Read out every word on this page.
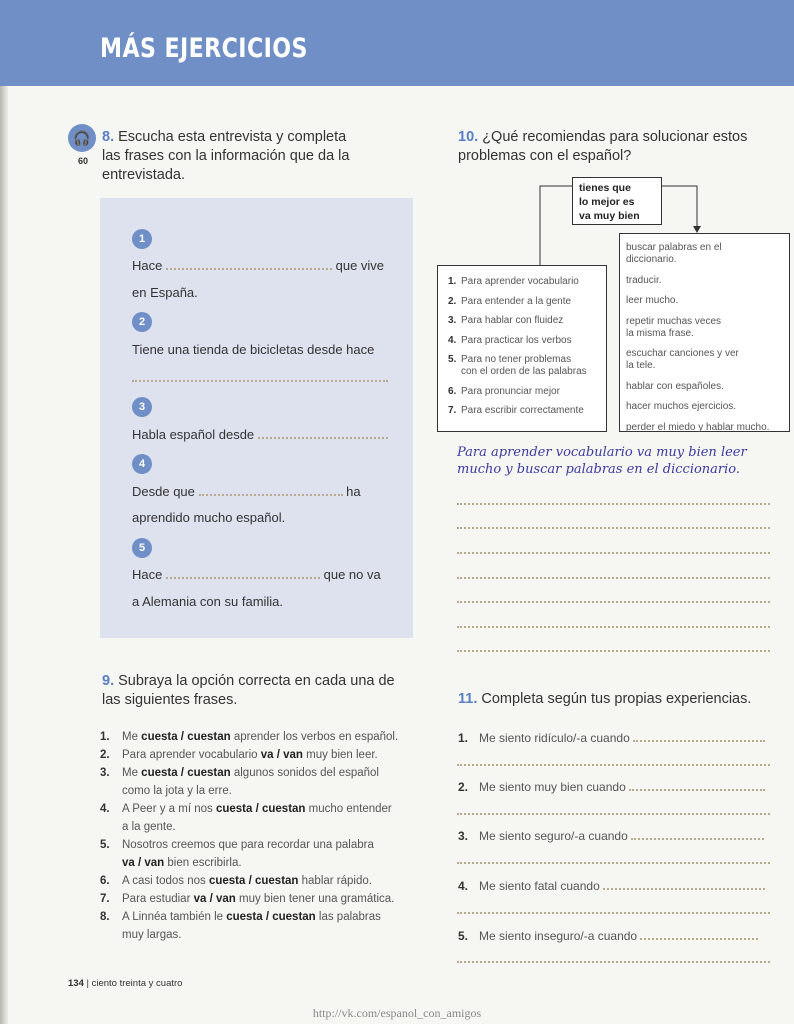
MÁS EJERCICIOS
🎧
60
8. Escucha esta entrevista y completa
las frases con la información que da la
entrevistada.
1
Hace	que vive
en España.
2
Tiene una tienda de bicicletas desde hace
3
Habla español desde
4
Desde que	ha
aprendido mucho español.
5
Hace	que no va
a Alemania con su familia.
9. Subraya la opción correcta en cada una de
las siguientes frases.
1. Me cuesta / cuestan aprender los verbos en español.
2. Para aprender vocabulario va / van muy bien leer.
3. Me cuesta / cuestan algunos sonidos del español
como la jota y la erre.
4. A Peer y a mí nos cuesta / cuestan mucho entender
a la gente.
5. Nosotros creemos que para recordar una palabra
va / van bien escribirla.
6. A casi todos nos cuesta / cuestan hablar rápido.
7. Para estudiar va / van muy bien tener una gramática.
8. A Linnéa también le cuesta / cuestan las palabras
muy largas.
134 | ciento treinta y cuatro
http://vk.com/espanol_con_amigos
10. ¿Qué recomiendas para solucionar estos
problemas con el español?
tienes que
lo mejor es
va muy bien
1. Para aprender vocabulario
2. Para entender a la gente
3. Para hablar con fluidez
4. Para practicar los verbos
5. Para no tener problemas
con el orden de las palabras
6. Para pronunciar mejor
7. Para escribir correctamente
buscar palabras en el
diccionario.
traducir.
leer mucho.
repetir muchas veces
la misma frase.
escuchar canciones y ver
la tele.
hablar con españoles.
hacer muchos ejercicios.
perder el miedo y hablar mucho.
Para aprender vocabulario va muy bien leer mucho y buscar palabras en el diccionario.
11. Completa según tus propias experiencias.
1. Me siento ridículo/-a cuando
2. Me siento muy bien cuando
3. Me siento seguro/-a cuando
4. Me siento fatal cuando
5. Me siento inseguro/-a cuando
